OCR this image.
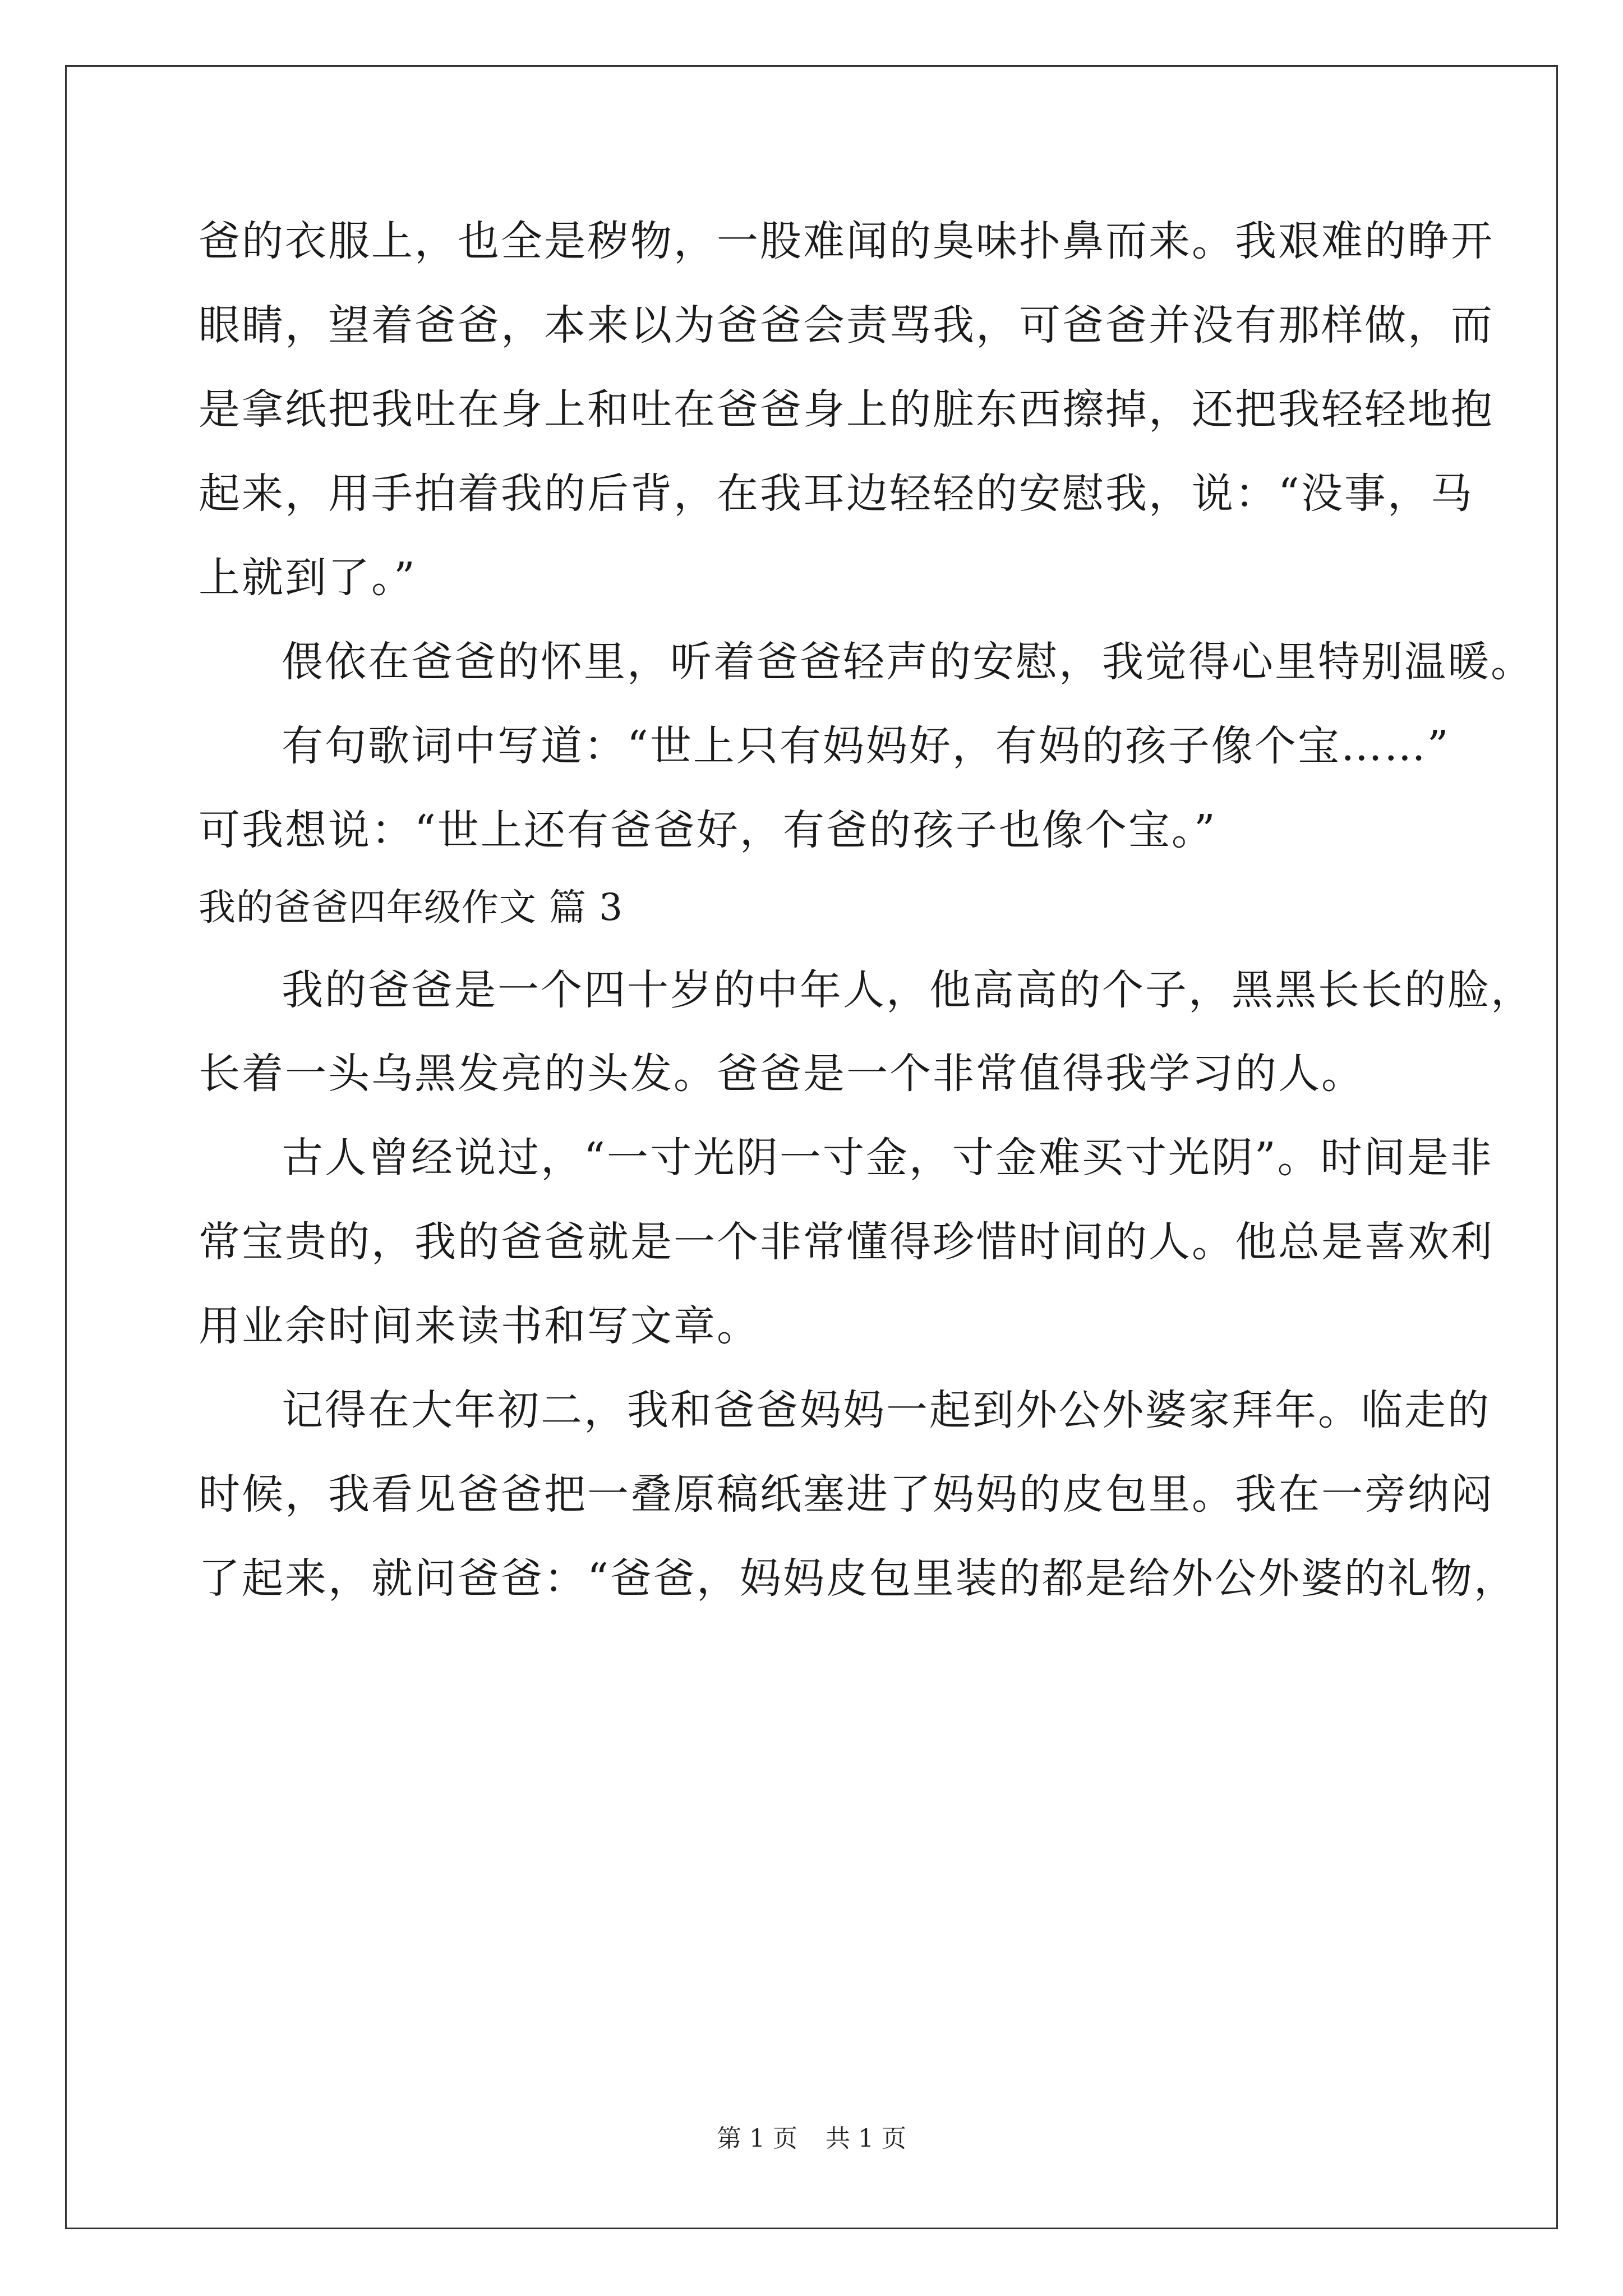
爸的衣服上，也全是秽物，一股难闻的臭味扑鼻而来。我艰难的睁开
眼睛，望着爸爸，本来以为爸爸会责骂我，可爸爸并没有那样做，而
是拿纸把我吐在身上和吐在爸爸身上的脏东西擦掉，还把我轻轻地抱
起来，用手拍着我的后背，在我耳边轻轻的安慰我，说：“没事，马
上就到了。”
偎依在爸爸的怀里，听着爸爸轻声的安慰，我觉得心里特别温暖。
有句歌词中写道：“世上只有妈妈好，有妈的孩子像个宝……”
可我想说：“世上还有爸爸好，有爸的孩子也像个宝。”
我的爸爸四年级作文 篇 3
我的爸爸是一个四十岁的中年人，他高高的个子，黑黑长长的脸，
长着一头乌黑发亮的头发。爸爸是一个非常值得我学习的人。
古人曾经说过，“一寸光阴一寸金，寸金难买寸光阴”。时间是非
常宝贵的，我的爸爸就是一个非常懂得珍惜时间的人。他总是喜欢利
用业余时间来读书和写文章。
记得在大年初二，我和爸爸妈妈一起到外公外婆家拜年。临走的
时候，我看见爸爸把一叠原稿纸塞进了妈妈的皮包里。我在一旁纳闷
了起来，就问爸爸：“爸爸，妈妈皮包里装的都是给外公外婆的礼物，
第 1 页 共 1 页
